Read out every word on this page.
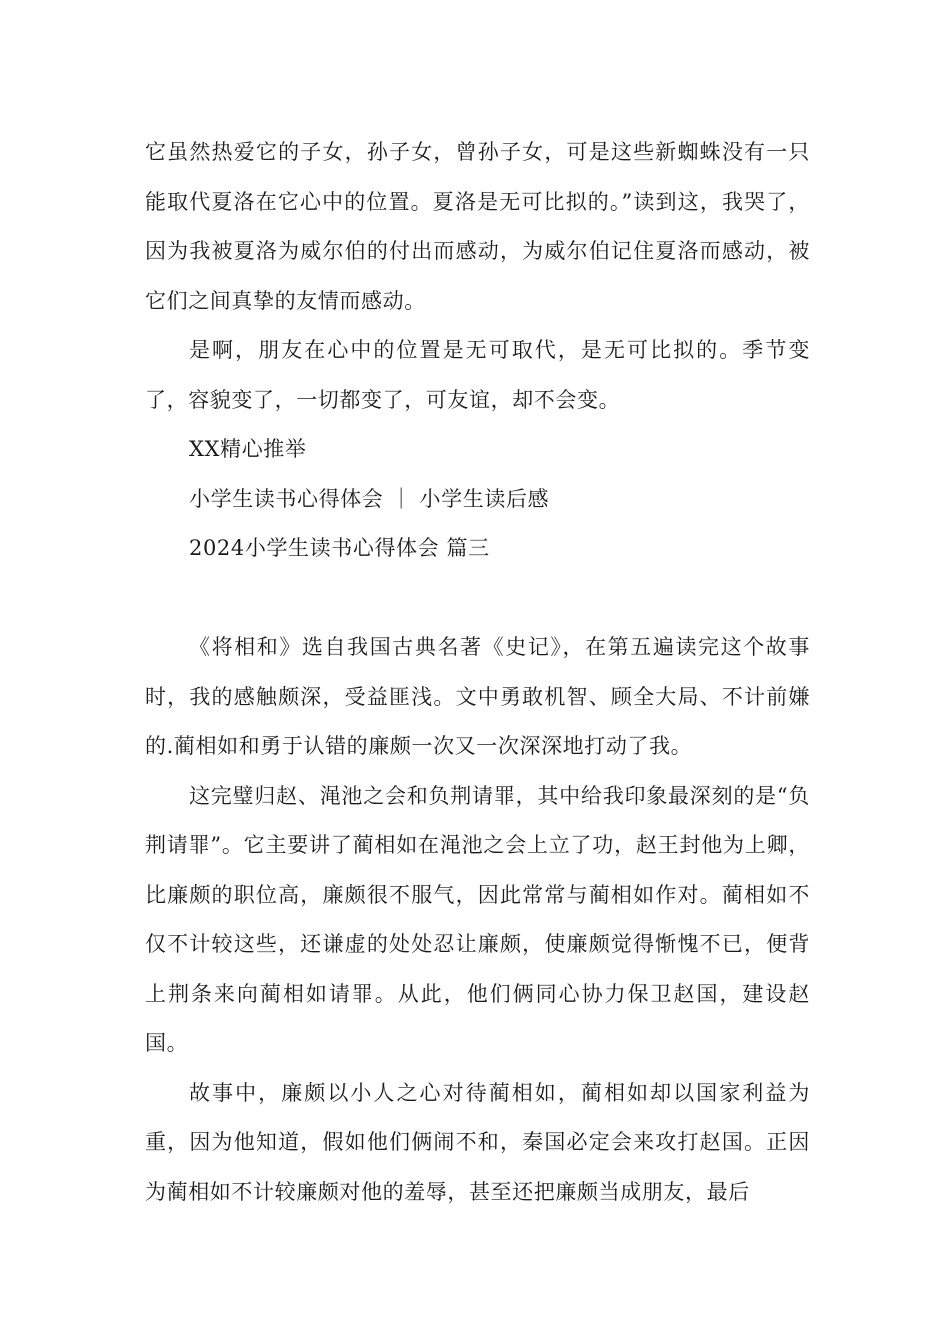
它虽然热爱它的子女，孙子女，曾孙子女，可是这些新蜘蛛没有一只能取代夏洛在它心中的位置。夏洛是无可比拟的。”读到这，我哭了，因为我被夏洛为威尔伯的付出而感动，为威尔伯记住夏洛而感动，被它们之间真挚的友情而感动。

是啊，朋友在心中的位置是无可取代，是无可比拟的。季节变了，容貌变了，一切都变了，可友谊，却不会变。

XX精心推举

小学生读书心得体会 ｜ 小学生读后感

2024小学生读书心得体会 篇三

《将相和》选自我国古典名著《史记》，在第五遍读完这个故事时，我的感触颇深，受益匪浅。文中勇敢机智、顾全大局、不计前嫌的.蔺相如和勇于认错的廉颇一次又一次深深地打动了我。

这完璧归赵、渑池之会和负荆请罪，其中给我印象最深刻的是“负荆请罪”。它主要讲了蔺相如在渑池之会上立了功，赵王封他为上卿，比廉颇的职位高，廉颇很不服气，因此常常与蔺相如作对。蔺相如不仅不计较这些，还谦虚的处处忍让廉颇，使廉颇觉得惭愧不已，便背上荆条来向蔺相如请罪。从此，他们俩同心协力保卫赵国，建设赵国。

故事中，廉颇以小人之心对待蔺相如，蔺相如却以国家利益为重，因为他知道，假如他们俩闹不和，秦国必定会来攻打赵国。正因为蔺相如不计较廉颇对他的羞辱，甚至还把廉颇当成朋友，最后
